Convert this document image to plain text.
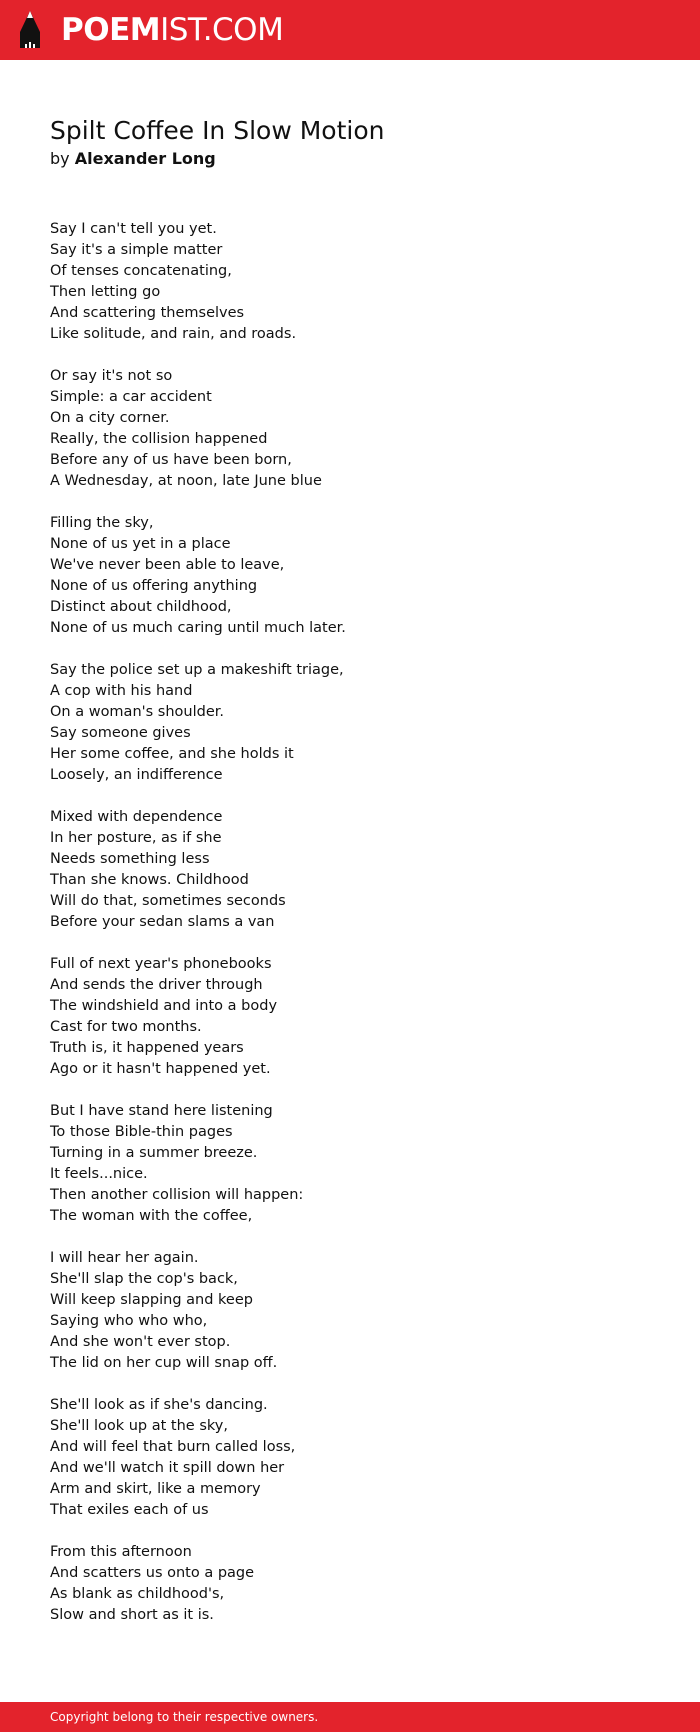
POEMIST.COM
Spilt Coffee In Slow Motion
by Alexander Long
Say I can't tell you yet.
Say it's a simple matter
Of tenses concatenating,
Then letting go
And scattering themselves
Like solitude, and rain, and roads.
Or say it's not so
Simple: a car accident
On a city corner.
Really, the collision happened
Before any of us have been born,
A Wednesday, at noon, late June blue
Filling the sky,
None of us yet in a place
We've never been able to leave,
None of us offering anything
Distinct about childhood,
None of us much caring until much later.
Say the police set up a makeshift triage,
A cop with his hand
On a woman's shoulder.
Say someone gives
Her some coffee, and she holds it
Loosely, an indifference
Mixed with dependence
In her posture, as if she
Needs something less
Than she knows. Childhood
Will do that, sometimes seconds
Before your sedan slams a van
Full of next year's phonebooks
And sends the driver through
The windshield and into a body
Cast for two months.
Truth is, it happened years
Ago or it hasn't happened yet.
But I have stand here listening
To those Bible-thin pages
Turning in a summer breeze.
It feels...nice.
Then another collision will happen:
The woman with the coffee,
I will hear her again.
She'll slap the cop's back,
Will keep slapping and keep
Saying who who who,
And she won't ever stop.
The lid on her cup will snap off.
She'll look as if she's dancing.
She'll look up at the sky,
And will feel that burn called loss,
And we'll watch it spill down her
Arm and skirt, like a memory
That exiles each of us
From this afternoon
And scatters us onto a page
As blank as childhood's,
Slow and short as it is.
Copyright belong to their respective owners.
